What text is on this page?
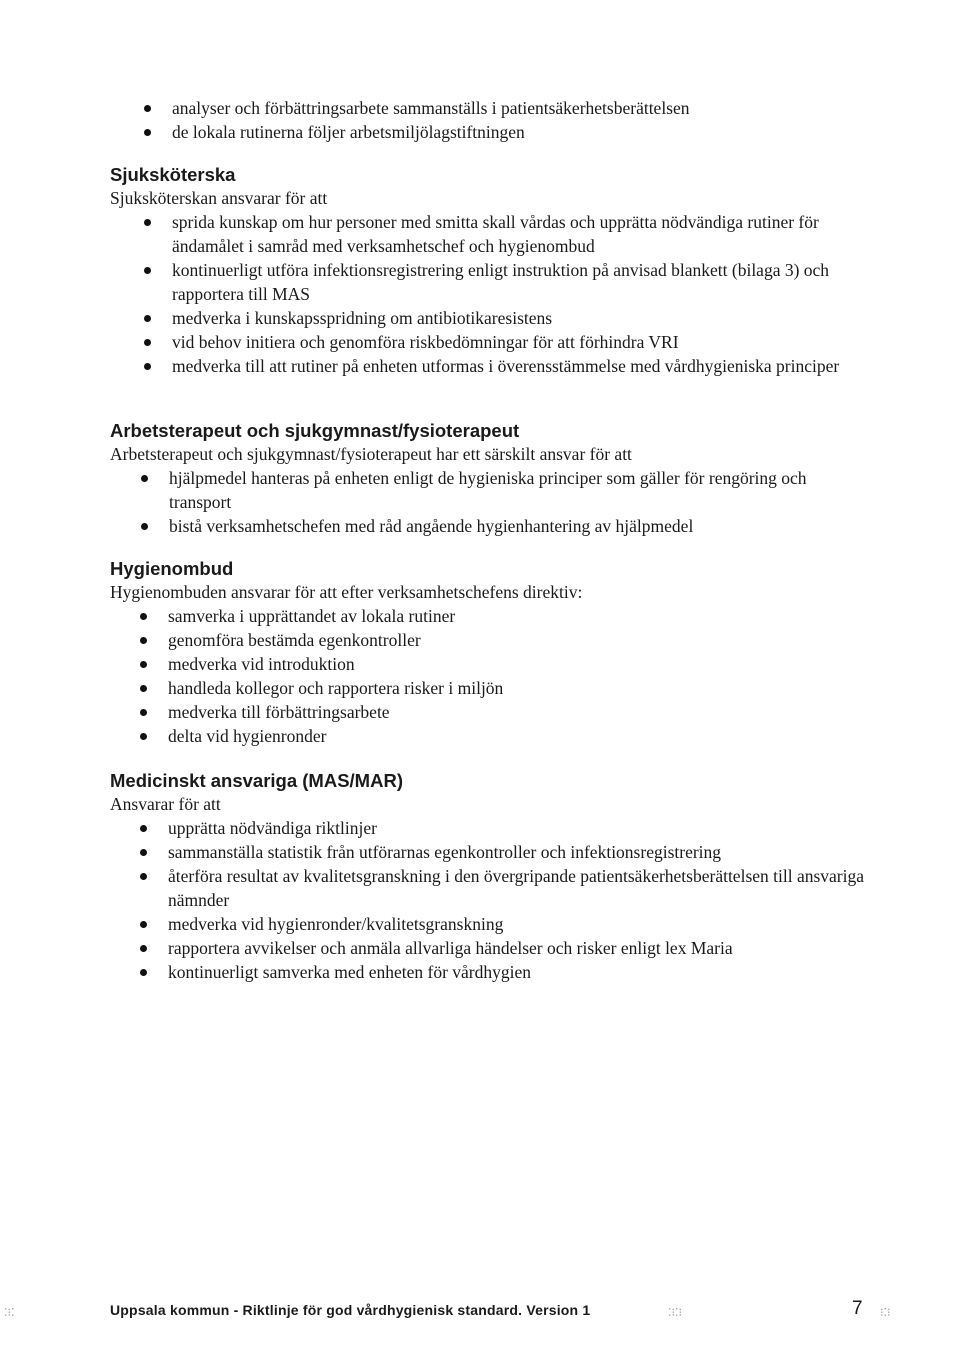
analyser och förbättringsarbete sammanställs i patientsäkerhetsberättelsen
de lokala rutinerna följer arbetsmiljölagstiftningen
Sjuksköterska

Sjuksköterskan ansvarar för att

sprida kunskap om hur personer med smitta skall vårdas och upprätta nödvändiga rutiner för ändamålet i samråd med verksamhetschef och hygienombud
kontinuerligt utföra infektionsregistrering enligt instruktion på anvisad blankett (bilaga 3) och rapportera till MAS
medverka i kunskapsspridning om antibiotikaresistens
vid behov initiera och genomföra riskbedömningar för att förhindra VRI
medverka till att rutiner på enheten utformas i överensstämmelse med vårdhygieniska principer
Arbetsterapeut och sjukgymnast/fysioterapeut

Arbetsterapeut och sjukgymnast/fysioterapeut har ett särskilt ansvar för att

hjälpmedel hanteras på enheten enligt de hygieniska principer som gäller för rengöring och transport
bistå verksamhetschefen med råd angående hygienhantering av hjälpmedel
Hygienombud

Hygienombuden ansvarar för att efter verksamhetschefens direktiv:

samverka i upprättandet av lokala rutiner
genomföra bestämda egenkontroller
medverka vid introduktion
handleda kollegor och rapportera risker i miljön
medverka till förbättringsarbete
delta vid hygienronder
Medicinskt ansvariga (MAS/MAR)

Ansvarar för att

upprätta nödvändiga riktlinjer
sammanställa statistik från utförarnas egenkontroller och infektionsregistrering
återföra resultat av kvalitetsgranskning i den övergripande patientsäkerhetsberättelsen till ansvariga nämnder
medverka vid hygienronder/kvalitetsgranskning
rapportera avvikelser och anmäla allvarliga händelser och risker enligt lex Maria
kontinuerligt samverka med enheten för vårdhygien
Uppsala kommun - Riktlinje för god vårdhygienisk standard. Version 1	7
⁚⁝⁚	⁚⁝⁚⁝	⁝⁚⁝
